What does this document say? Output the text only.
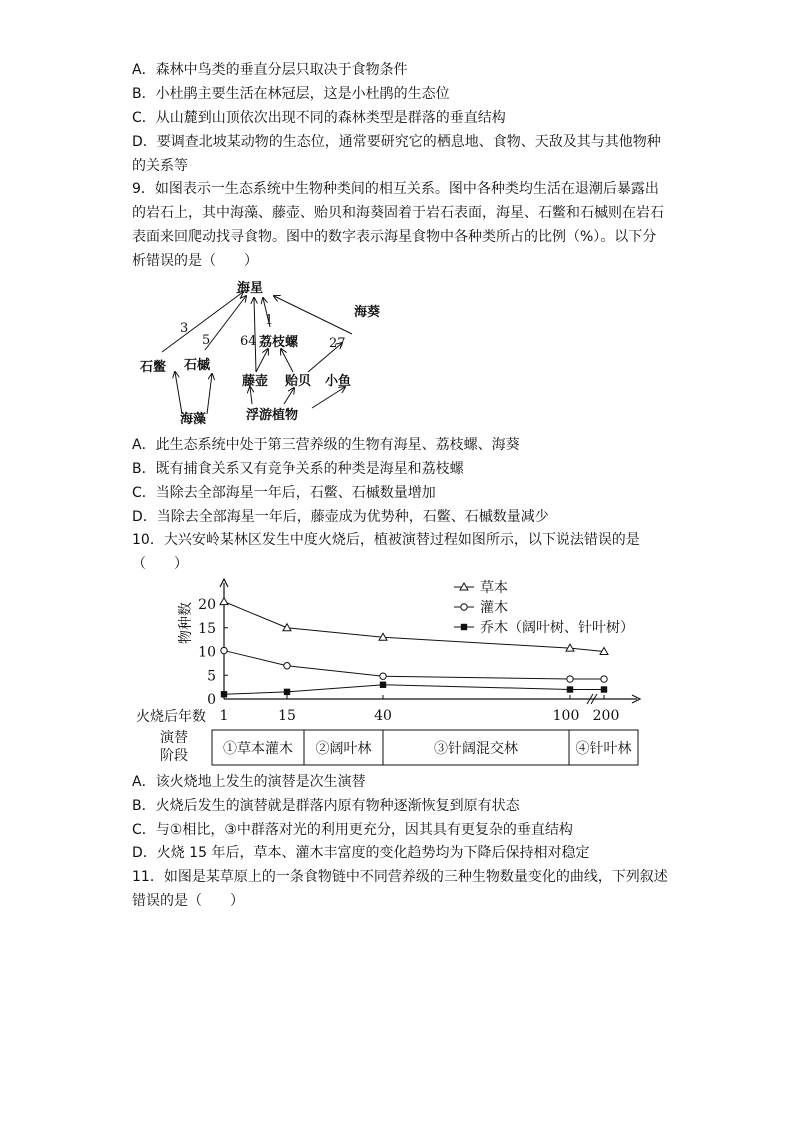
A．森林中鸟类的垂直分层只取决于食物条件
B．小杜鹃主要生活在林冠层，这是小杜鹃的生态位
C．从山麓到山顶依次出现不同的森林类型是群落的垂直结构
D．要调查北坡某动物的生态位，通常要研究它的栖息地、食物、天敌及其与其他物种
的关系等
9．如图表示一生态系统中生物种类间的相互关系。图中各种类均生活在退潮后暴露出
的岩石上，其中海藻、藤壶、贻贝和海葵固着于岩石表面，海星、石鳖和石槭则在岩石
表面来回爬动找寻食物。图中的数字表示海星食物中各种类所占的比例（%）。以下分
析错误的是（　　）
海星
海葵
石鳖 石槭
荔枝螺
藤壶 贻贝 小鱼
海藻	浮游植物
3
5
1
64	27
A．此生态系统中处于第三营养级的生物有海星、荔枝螺、海葵
B．既有捕食关系又有竞争关系的种类是海星和荔枝螺
C．当除去全部海星一年后，石鳖、石槭数量增加
D．当除去全部海星一年后，藤壶成为优势种，石鳖、石槭数量减少
10．大兴安岭某林区发生中度火烧后，植被演替过程如图所示，以下说法错误的是
（　　）
物种数
火烧后年数
0
5
10
15
20
1	15	40	100 200
草本
灌木
乔木（阔叶树、针叶树）
演替
阶段	①草本灌木 ②阔叶林	③针阔混交林	④针叶林
A．该火烧地上发生的演替是次生演替
B．火烧后发生的演替就是群落内原有物种逐渐恢复到原有状态
C．与①相比，③中群落对光的利用更充分，因其具有更复杂的垂直结构
D．火烧 15 年后，草本、灌木丰富度的变化趋势均为下降后保持相对稳定
11．如图是某草原上的一条食物链中不同营养级的三种生物数量变化的曲线，下列叙述
错误的是（　　）
